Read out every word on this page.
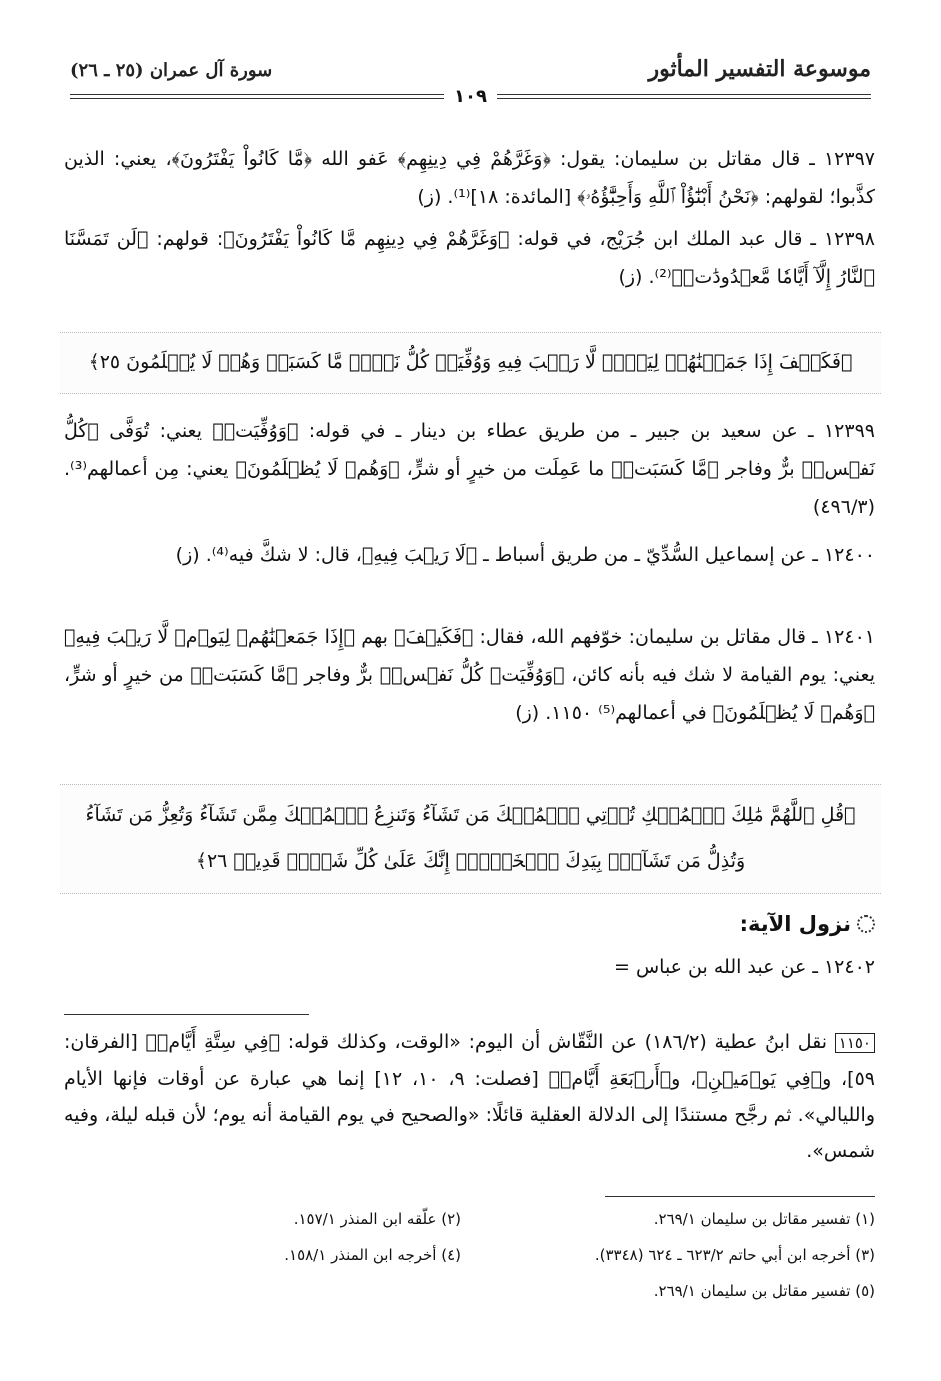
موسوعة التفسير المأثور
سورة آل عمران (٢٥ ـ ٢٦)
١٠٩
١٢٣٩٧ ـ قال مقاتل بن سليمان: يقول: ﴿وَغَرَّهُمْ فِي دِينِهِم﴾ عَفو الله ﴿مَّا كَانُواْ يَفْتَرُونَ﴾، يعني: الذين كذَّبوا؛ لقولهم: ﴿نَحْنُ أَبْنَٰٓؤُاْ ٱللَّهِ وَأَحِبَّٰٓؤُهُۥ﴾ [المائدة: ١٨]⁽¹⁾. (ز)
١٢٣٩٨ ـ قال عبد الملك ابن جُرَيْج، في قوله: ﴿وَغَرَّهُمْ فِي دِينِهِم مَّا كَانُواْ يَفْتَرُونَ﴾: قولهم: ﴿لَن تَمَسَّنَا ٱلنَّارُ إِلَّآ أَيَّامٗا مَّعۡدُودَٰتٖ﴾⁽²⁾. (ز)
﴿فَكَيۡفَ إِذَا جَمَعۡنَٰهُمۡ لِيَوۡمٖ لَّا رَيۡبَ فِيهِ وَوُفِّيَتۡ كُلُّ نَفۡسٖ مَّا كَسَبَتۡ وَهُمۡ لَا يُظۡلَمُونَ ٢٥﴾
١٢٣٩٩ ـ عن سعيد بن جبير ـ من طريق عطاء بن دينار ـ في قوله: ﴿وَوُفِّيَتۡ﴾ يعني: تُوَفَّى ﴿كُلُّ نَفۡسٖ﴾ برٌّ وفاجر ﴿مَّا كَسَبَتۡ﴾ ما عَمِلَت من خيرٍ أو شرٍّ، ﴿وَهُمۡ لَا يُظۡلَمُونَ﴾ يعني: مِن أعمالهم⁽³⁾. (٤٩٦/٣)
١٢٤٠٠ ـ عن إسماعيل السُّدِّيّ ـ من طريق أسباط ـ ﴿لَا رَيۡبَ فِيهِ﴾، قال: لا شكَّ فيه⁽⁴⁾. (ز)
١٢٤٠١ ـ قال مقاتل بن سليمان: خوّفهم الله، فقال: ﴿فَكَيۡفَ﴾ بهم ﴿إِذَا جَمَعۡنَٰهُمۡ لِيَوۡمٖ لَّا رَيۡبَ فِيهِ﴾ يعني: يوم القيامة لا شك فيه بأنه كائن، ﴿وَوُفِّيَتۡ كُلُّ نَفۡسٖ﴾ برٌّ وفاجر ﴿مَّا كَسَبَتۡ﴾ من خيرٍ أو شرٍّ، ﴿وَهُمۡ لَا يُظۡلَمُونَ﴾ في أعمالهم⁽⁵⁾ ١١٥٠. (ز)
﴿قُلِ ٱللَّهُمَّ مَٰلِكَ ٱلۡمُلۡكِ تُؤۡتِي ٱلۡمُلۡكَ مَن تَشَآءُ وَتَنزِعُ ٱلۡمُلۡكَ مِمَّن تَشَآءُ وَتُعِزُّ مَن تَشَآءُ
وَتُذِلُّ مَن تَشَآءُۖ بِيَدِكَ ٱلۡخَيۡرُۖ إِنَّكَ عَلَىٰ كُلِّ شَيۡءٖ قَدِيرٞ ٢٦﴾
نزول الآية:
١٢٤٠٢ ـ عن عبد الله بن عباس =
١١٥٠ نقل ابنُ عطية (١٨٦/٢) عن النَّقّاش أن اليوم: «الوقت، وكذلك قوله: ﴿فِي سِتَّةِ أَيَّامٖ﴾ [الفرقان: ٥٩]، و﴿فِي يَوۡمَيۡنِ﴾، و﴿أَرۡبَعَةِ أَيَّامٖ﴾ [فصلت: ٩، ١٠، ١٢] إنما هي عبارة عن أوقات فإنها الأيام والليالي». ثم رجَّح مستندًا إلى الدلالة العقلية قائلًا: «والصحيح في يوم القيامة أنه يوم؛ لأن قبله ليلة، وفيه شمس».
(١) تفسير مقاتل بن سليمان ٢٦٩/١.
(٢) علّقه ابن المنذر ١٥٧/١.
(٣) أخرجه ابن أبي حاتم ٦٢٣/٢ ـ ٦٢٤ (٣٣٤٨).
(٤) أخرجه ابن المنذر ١٥٨/١.
(٥) تفسير مقاتل بن سليمان ٢٦٩/١.
